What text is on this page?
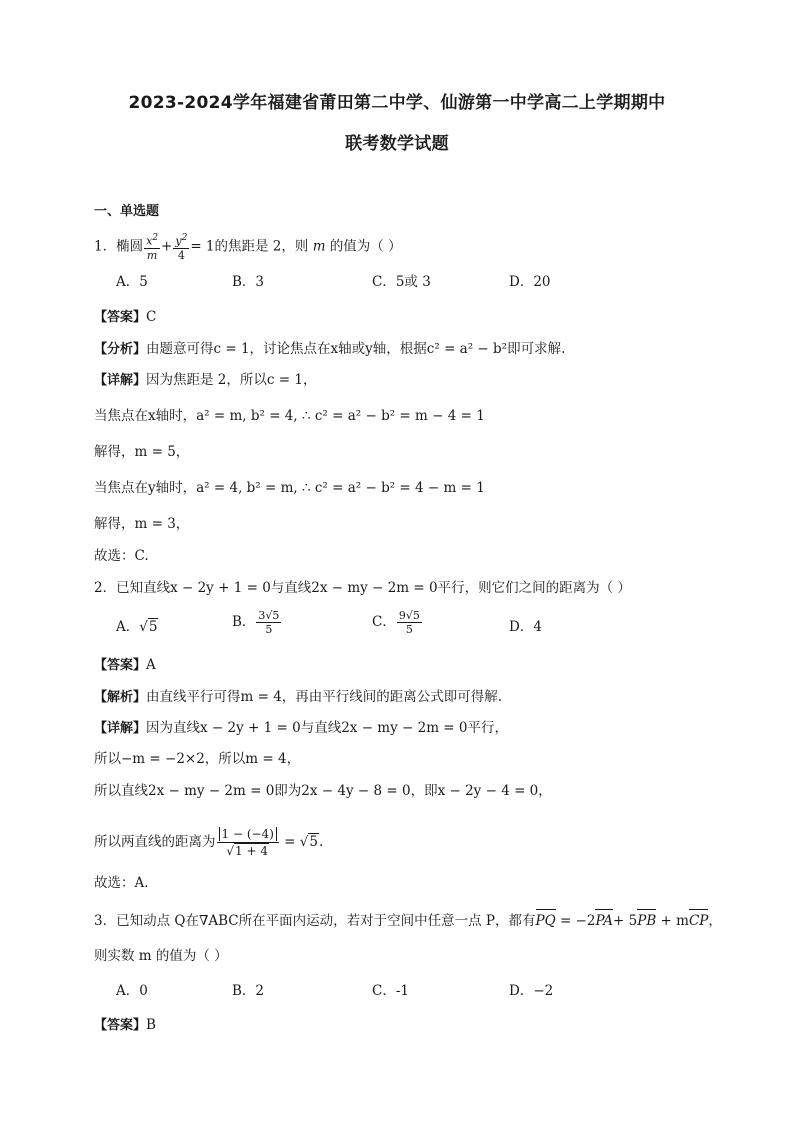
2023-2024学年福建省莆田第二中学、仙游第一中学高二上学期期中
联考数学试题
一、单选题
1．椭圆 $\frac{x^2}{m} + \frac{y^2}{4} = 1$的焦距是 2，则 m 的值为（ ）
A．5	B．3	C．5或 3	D．20
【答案】C
【分析】由题意可得c = 1，讨论焦点在x轴或y轴，根据c² = a² − b²即可求解.
【详解】因为焦距是 2，所以c = 1，
当焦点在x轴时，a² = m, b² = 4, ∴ c² = a² − b² = m − 4 = 1
解得，m = 5，
当焦点在y轴时，a² = 4, b² = m, ∴ c² = a² − b² = 4 − m = 1
解得，m = 3，
故选：C.
2．已知直线x − 2y + 1 = 0与直线2x − my − 2m = 0平行，则它们之间的距离为（ ）
A．√5	B． $\frac{3√5}{5}$	C． $\frac{9√5}{5}$	D．4
【答案】A
【解析】由直线平行可得m = 4，再由平行线间的距离公式即可得解.
【详解】因为直线x − 2y + 1 = 0与直线2x − my − 2m = 0平行，
所以−m = −2×2，所以m = 4，
所以直线2x − my − 2m = 0即为2x − 4y − 8 = 0，即x − 2y − 4 = 0，
所以两直线的距离为 $\frac{1 - (-4)}{√1 + 4} = √5$.
故选：A.
3．已知动点 Q在∇ABC所在平面内运动，若对于空间中任意一点 P，都有PQ = −2PA+ 5PB + mCP，
则实数 m 的值为（ ）
A．0	B．2	C．-1	D．−2
【答案】B
